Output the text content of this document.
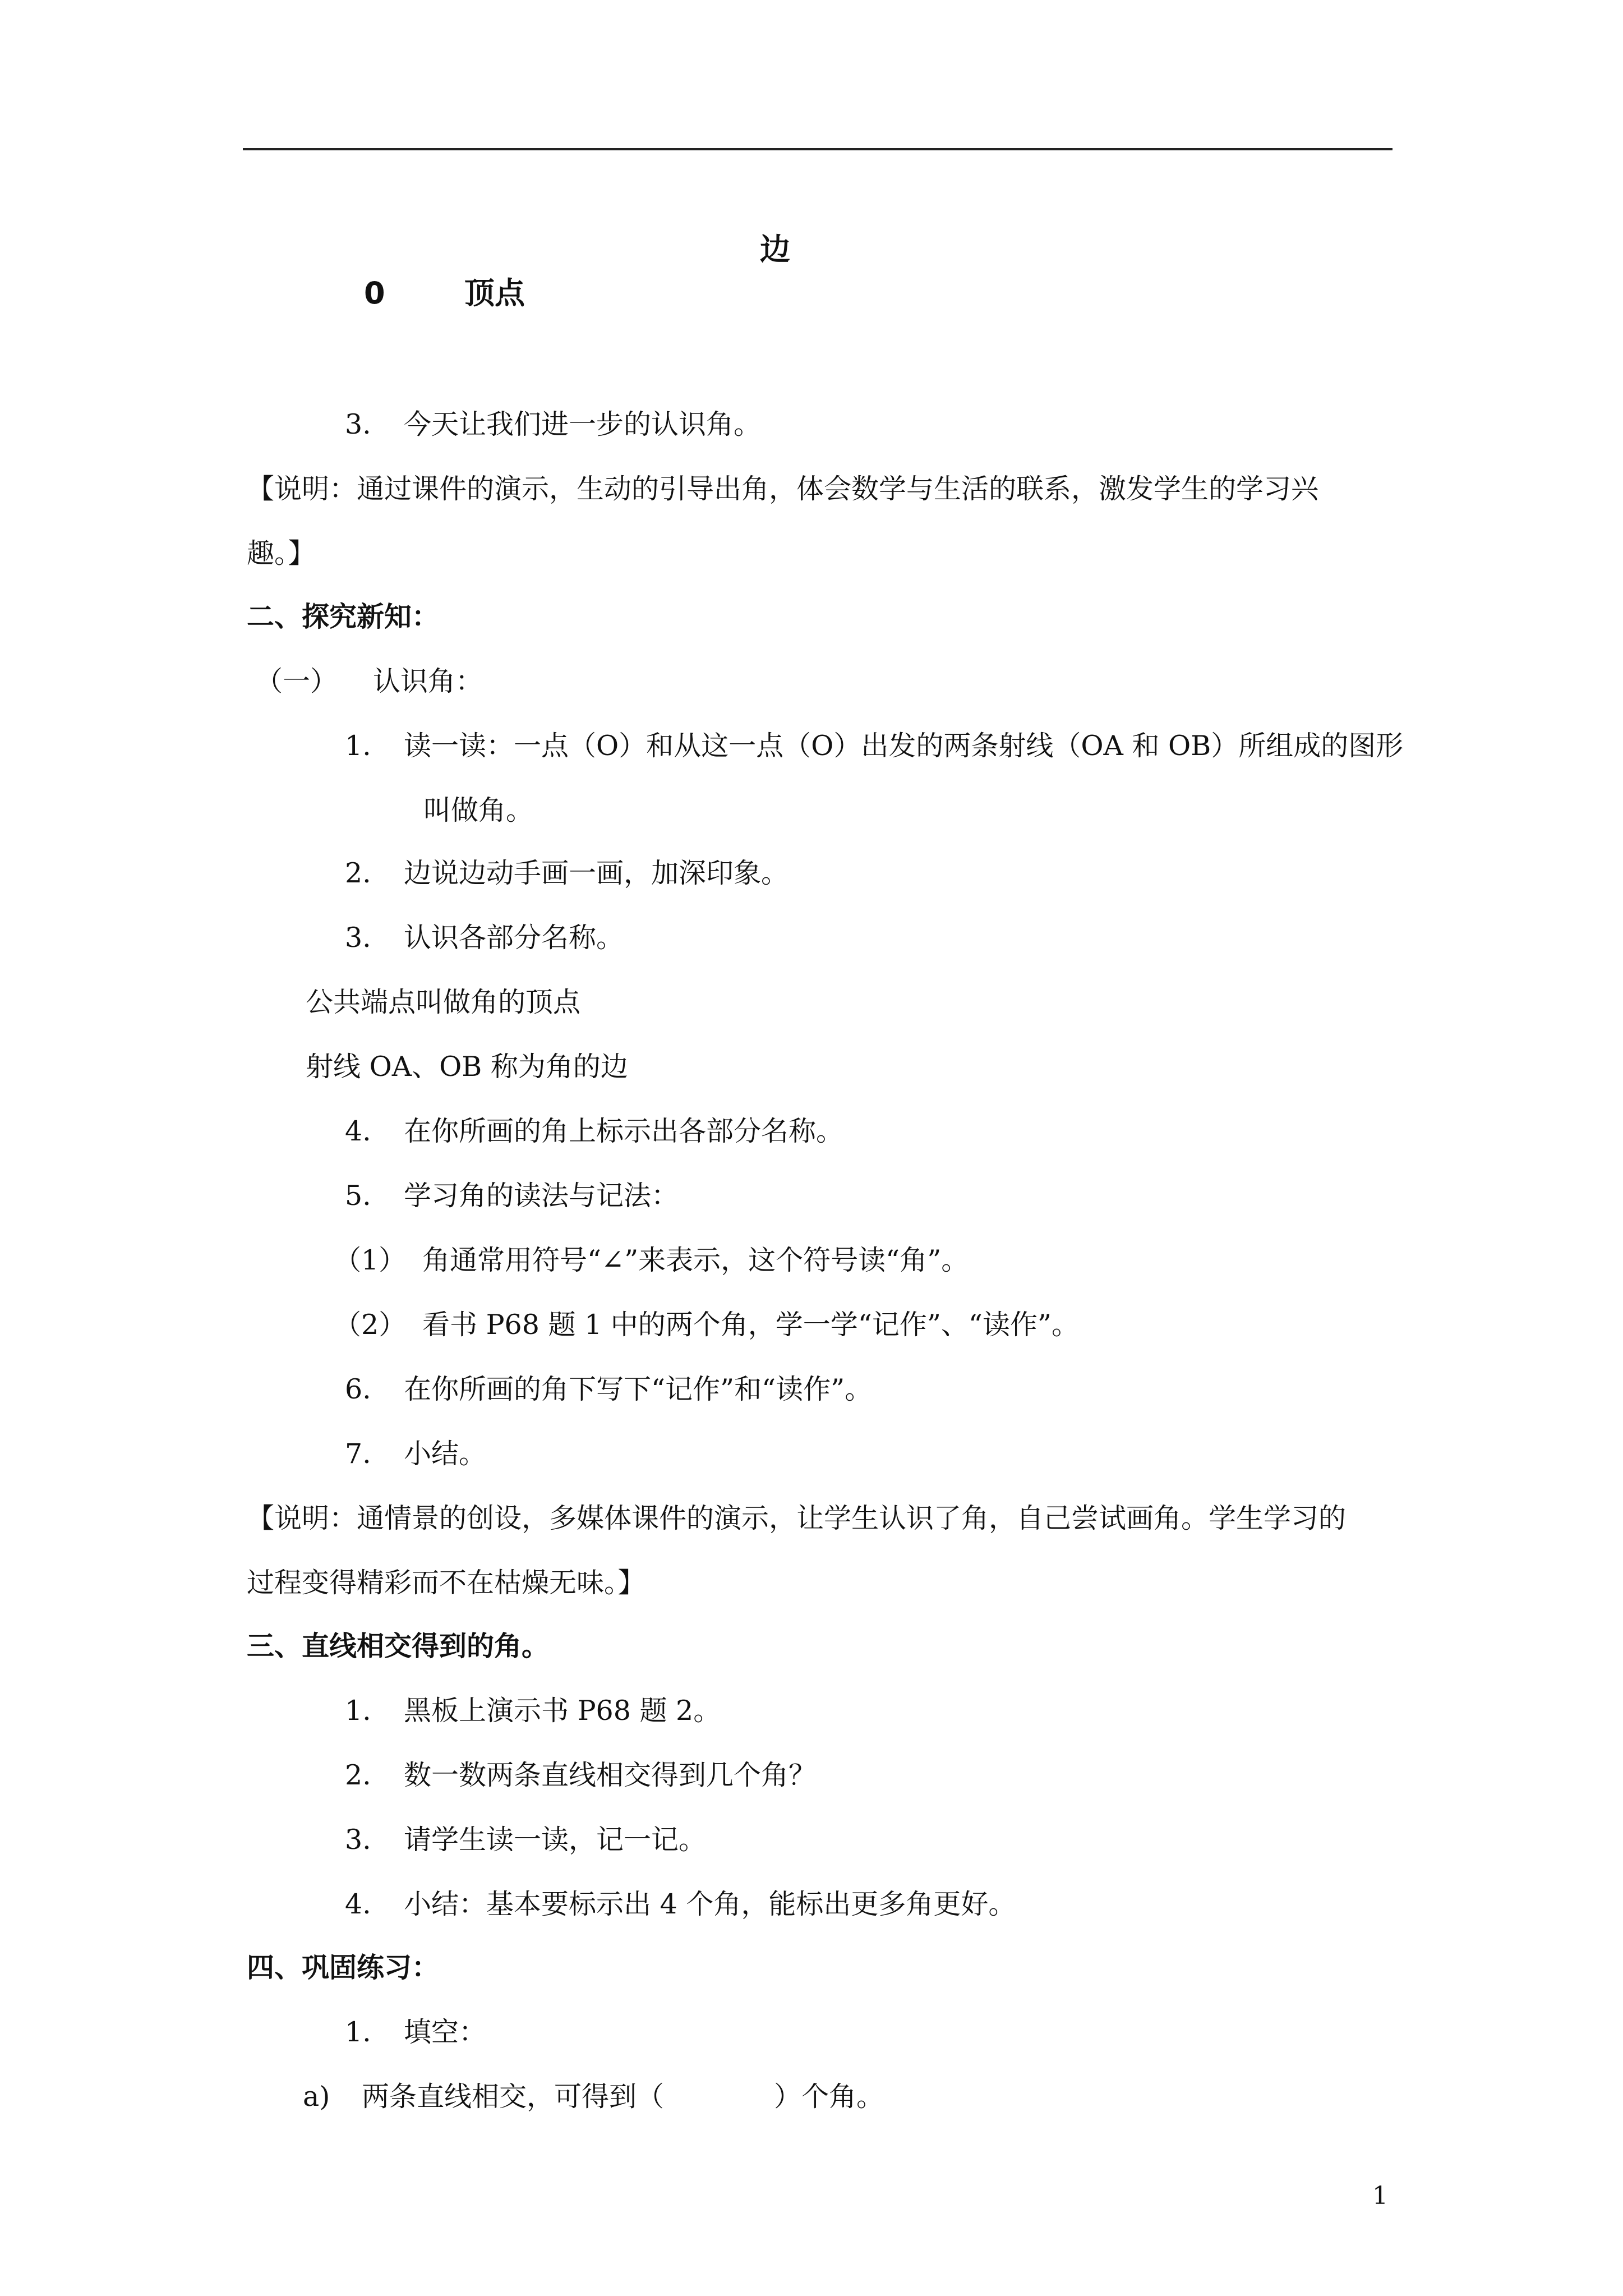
边
0	顶点
3. 今天让我们进一步的认识角。
【说明：通过课件的演示，生动的引导出角，体会数学与生活的联系，激发学生的学习兴
趣。】
二、探究新知：
（一） 认识角：
1. 读一读：一点（O）和从这一点（O）出发的两条射线（OA 和 OB）所组成的图形
叫做角。
2. 边说边动手画一画，加深印象。
3. 认识各部分名称。
公共端点叫做角的顶点
射线 OA、OB 称为角的边
4. 在你所画的角上标示出各部分名称。
5. 学习角的读法与记法：
（1） 角通常用符号“∠”来表示，这个符号读“角”。
（2） 看书 P68 题 1 中的两个角，学一学“记作”、“读作”。
6. 在你所画的角下写下“记作”和“读作”。
7. 小结。
【说明：通情景的创设，多媒体课件的演示，让学生认识了角，自己尝试画角。学生学习的
过程变得精彩而不在枯燥无味。】
三、直线相交得到的角。
1. 黑板上演示书 P68 题 2。
2. 数一数两条直线相交得到几个角？
3. 请学生读一读，记一记。
4. 小结：基本要标示出 4 个角，能标出更多角更好。
四、巩固练习：
1. 填空：
a) 两条直线相交，可得到（　　　　）个角。
1
